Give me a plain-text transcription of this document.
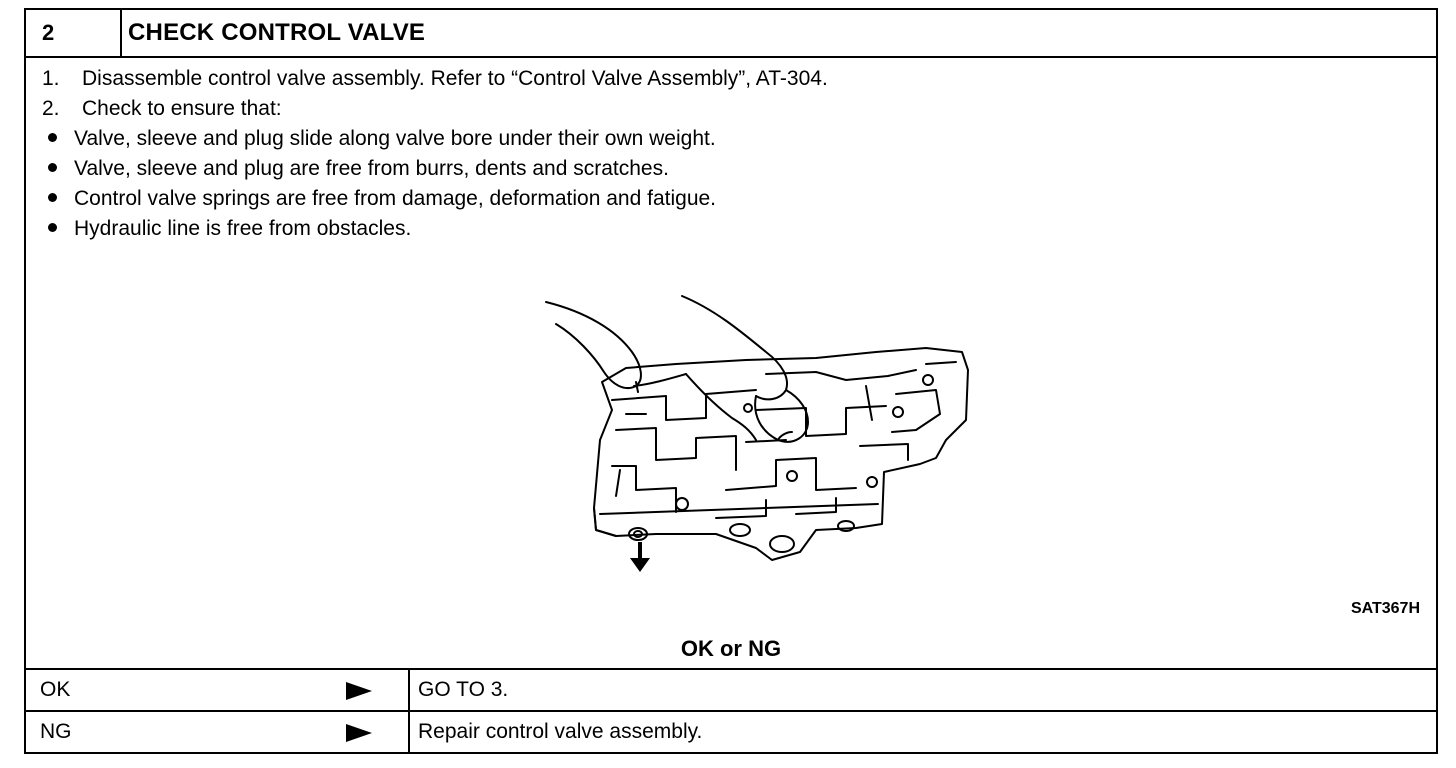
2	CHECK CONTROL VALVE
1. Disassemble control valve assembly. Refer to “Control Valve Assembly”, AT-304.
2. Check to ensure that:
Valve, sleeve and plug slide along valve bore under their own weight.
Valve, sleeve and plug are free from burrs, dents and scratches.
Control valve springs are free from damage, deformation and fatigue.
Hydraulic line is free from obstacles.
SAT367H
OK or NG
OK	GO TO 3.
NG	Repair control valve assembly.
